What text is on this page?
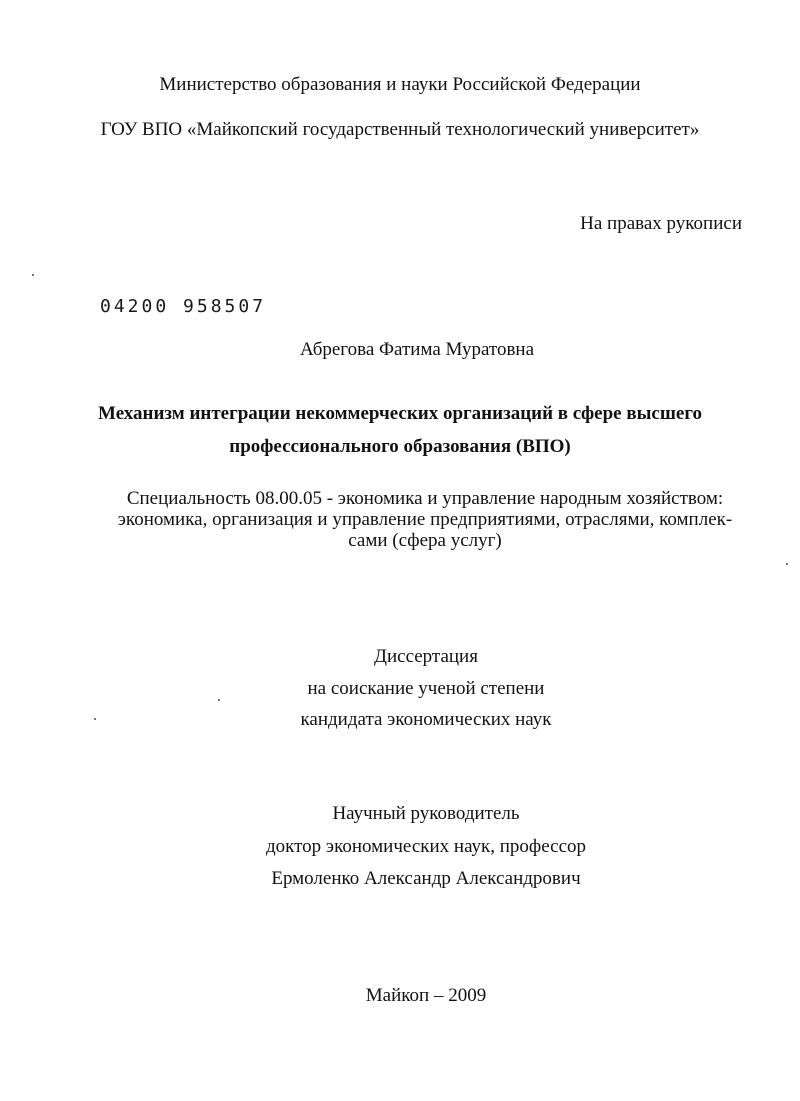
Министерство образования и науки Российской Федерации
ГОУ ВПО «Майкопский государственный технологический университет»
На правах рукописи
04200 958507
Абрегова Фатима Муратовна
Механизм интеграции некоммерческих организаций в сфере высшего
профессионального образования (ВПО)
Специальность 08.00.05 - экономика и управление народным хозяйством:
экономика, организация и управление предприятиями, отраслями, комплек-
сами (сфера услуг)
Диссертация
на соискание ученой степени
кандидата экономических наук
Научный руководитель
доктор экономических наук, профессор
Ермоленко Александр Александрович
Майкоп – 2009
